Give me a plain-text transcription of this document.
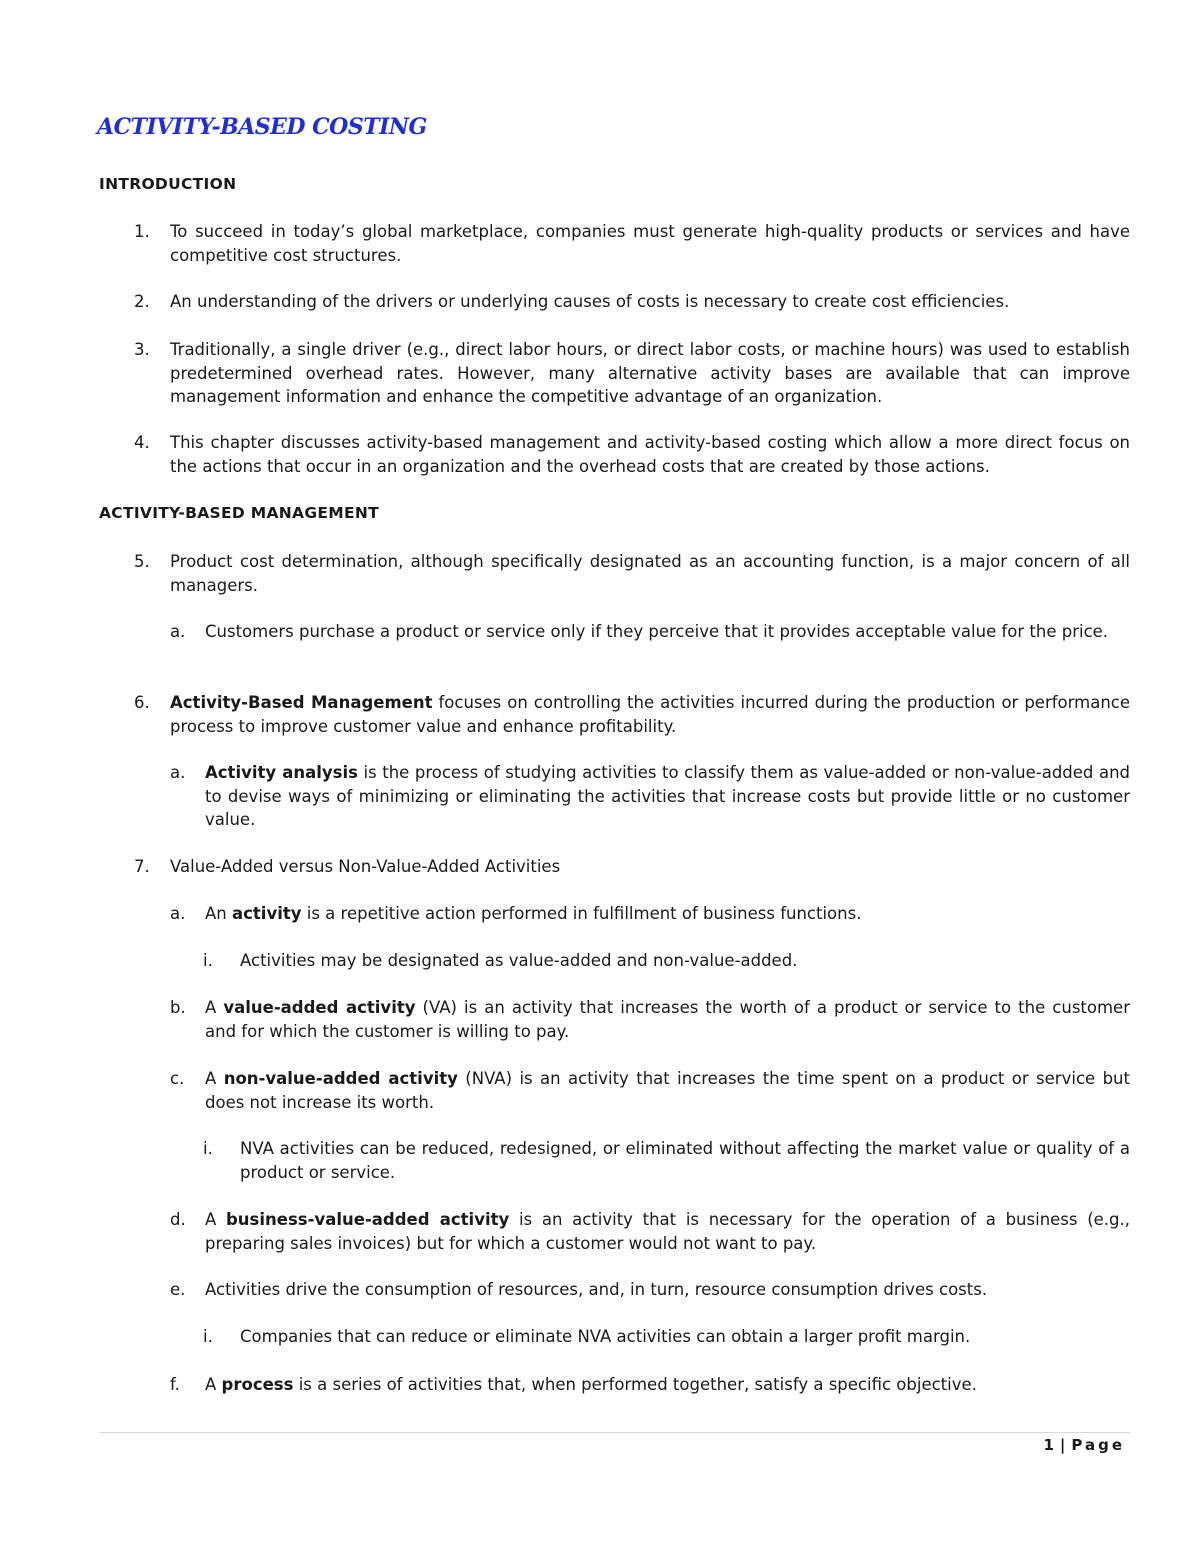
ACTIVITY-BASED COSTING
INTRODUCTION

1. To succeed in today’s global marketplace, companies must generate high-quality products or services and have competitive cost structures.

2. An understanding of the drivers or underlying causes of costs is necessary to create cost efficiencies.

3. Traditionally, a single driver (e.g., direct labor hours, or direct labor costs, or machine hours) was used to establish predetermined overhead rates. However, many alternative activity bases are available that can improve management information and enhance the competitive advantage of an organization.

4. This chapter discusses activity-based management and activity-based costing which allow a more direct focus on the actions that occur in an organization and the overhead costs that are created by those actions.

ACTIVITY-BASED MANAGEMENT

5. Product cost determination, although specifically designated as an accounting function, is a major concern of all managers.

a. Customers purchase a product or service only if they perceive that it provides acceptable value for the price.

6. Activity-Based Management focuses on controlling the activities incurred during the production or performance process to improve customer value and enhance profitability.

a. Activity analysis is the process of studying activities to classify them as value-added or non-value-added and to devise ways of minimizing or eliminating the activities that increase costs but provide little or no customer value.

7. Value-Added versus Non-Value-Added Activities

a. An activity is a repetitive action performed in fulfillment of business functions.

i. Activities may be designated as value-added and non-value-added.

b. A value-added activity (VA) is an activity that increases the worth of a product or service to the customer and for which the customer is willing to pay.

c. A non-value-added activity (NVA) is an activity that increases the time spent on a product or service but does not increase its worth.

i. NVA activities can be reduced, redesigned, or eliminated without affecting the market value or quality of a product or service.

d. A business-value-added activity is an activity that is necessary for the operation of a business (e.g., preparing sales invoices) but for which a customer would not want to pay.

e. Activities drive the consumption of resources, and, in turn, resource consumption drives costs.

i. Companies that can reduce or eliminate NVA activities can obtain a larger profit margin.

f. A process is a series of activities that, when performed together, satisfy a specific objective.

1 | Page
